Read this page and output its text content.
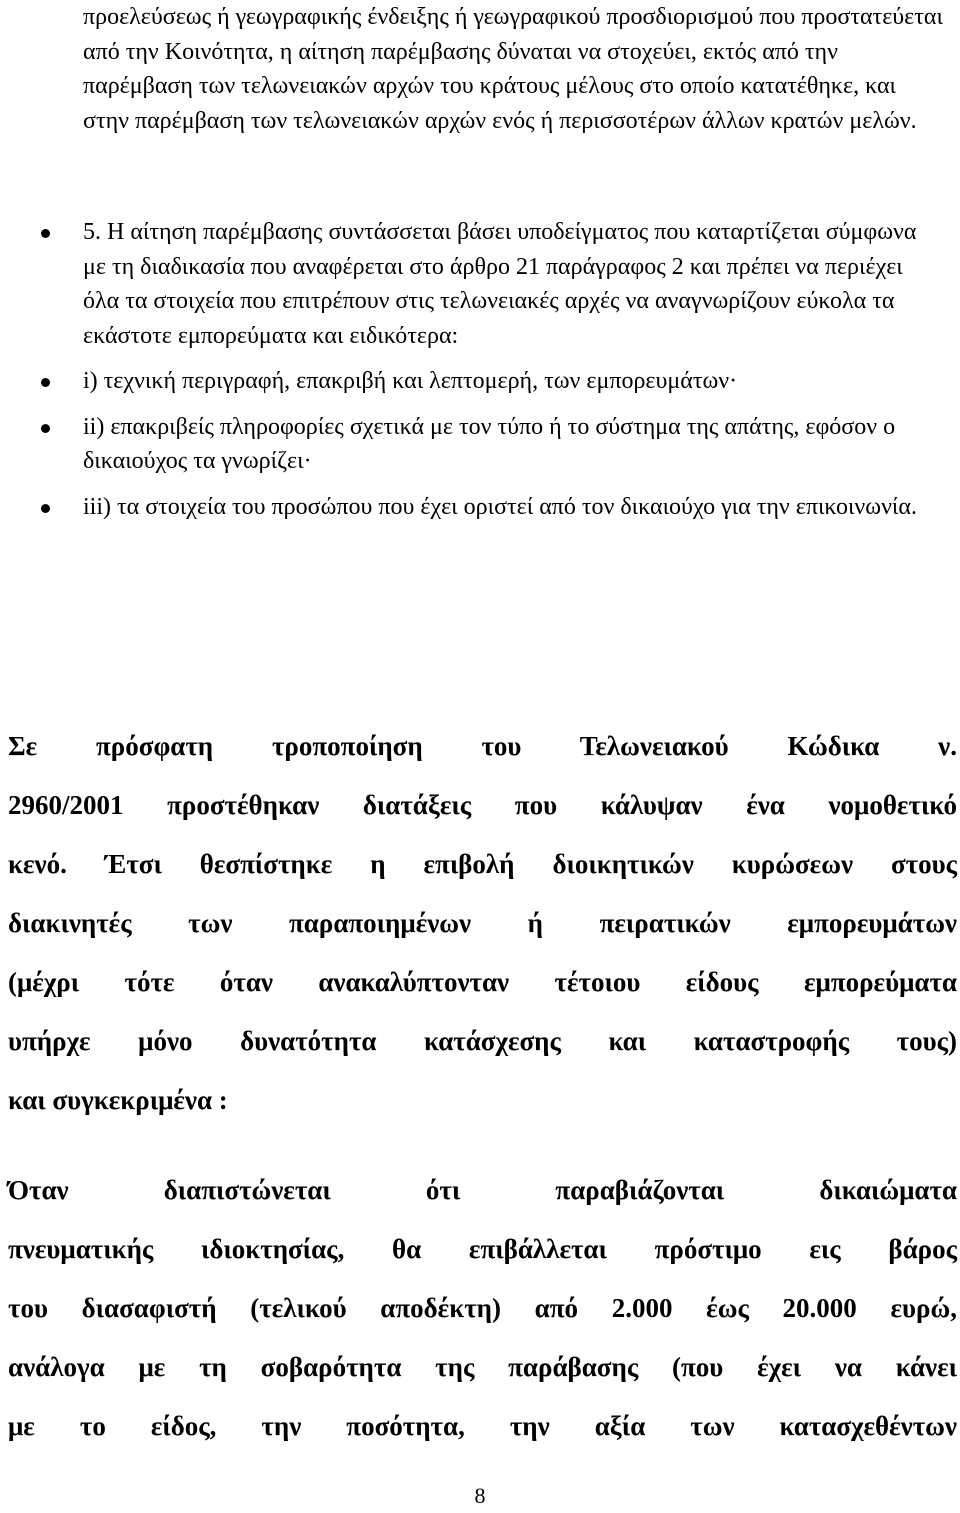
προελεύσεως ή γεωγραφικής ένδειξης ή γεωγραφικού προσδιορισμού που προστατεύεται από την Κοινότητα, η αίτηση παρέμβασης δύναται να στοχεύει, εκτός από την παρέμβαση των τελωνειακών αρχών του κράτους μέλους στο οποίο κατατέθηκε, και στην παρέμβαση των τελωνειακών αρχών ενός ή περισσοτέρων άλλων κρατών μελών.

5. Η αίτηση παρέμβασης συντάσσεται βάσει υποδείγματος που καταρτίζεται σύμφωνα με τη διαδικασία που αναφέρεται στο άρθρο 21 παράγραφος 2 και πρέπει να περιέχει όλα τα στοιχεία που επιτρέπουν στις τελωνειακές αρχές να αναγνωρίζουν εύκολα τα εκάστοτε εμπορεύματα και ειδικότερα:
i) τεχνική περιγραφή, επακριβή και λεπτομερή, των εμπορευμάτων·
ii) επακριβείς πληροφορίες σχετικά με τον τύπο ή το σύστημα της απάτης, εφόσον ο δικαιούχος τα γνωρίζει·
iii) τα στοιχεία του προσώπου που έχει οριστεί από τον δικαιούχο για την επικοινωνία.
Σε πρόσφατη τροποποίηση του Τελωνειακού Κώδικα ν.
2960/2001 προστέθηκαν διατάξεις που κάλυψαν ένα νομοθετικό
κενό. Έτσι θεσπίστηκε η επιβολή διοικητικών κυρώσεων στους
διακινητές των παραποιημένων ή πειρατικών εμπορευμάτων
(μέχρι τότε όταν ανακαλύπτονταν τέτοιου είδους εμπορεύματα
υπήρχε μόνο δυνατότητα κατάσχεσης και καταστροφής τους)
και συγκεκριμένα :
Όταν διαπιστώνεται ότι παραβιάζονται δικαιώματα
πνευματικής ιδιοκτησίας, θα επιβάλλεται πρόστιμο εις βάρος
του διασαφιστή (τελικού αποδέκτη) από 2.000 έως 20.000 ευρώ,
ανάλογα με τη σοβαρότητα της παράβασης (που έχει να κάνει
με το είδος, την ποσότητα, την αξία των κατασχεθέντων
8
